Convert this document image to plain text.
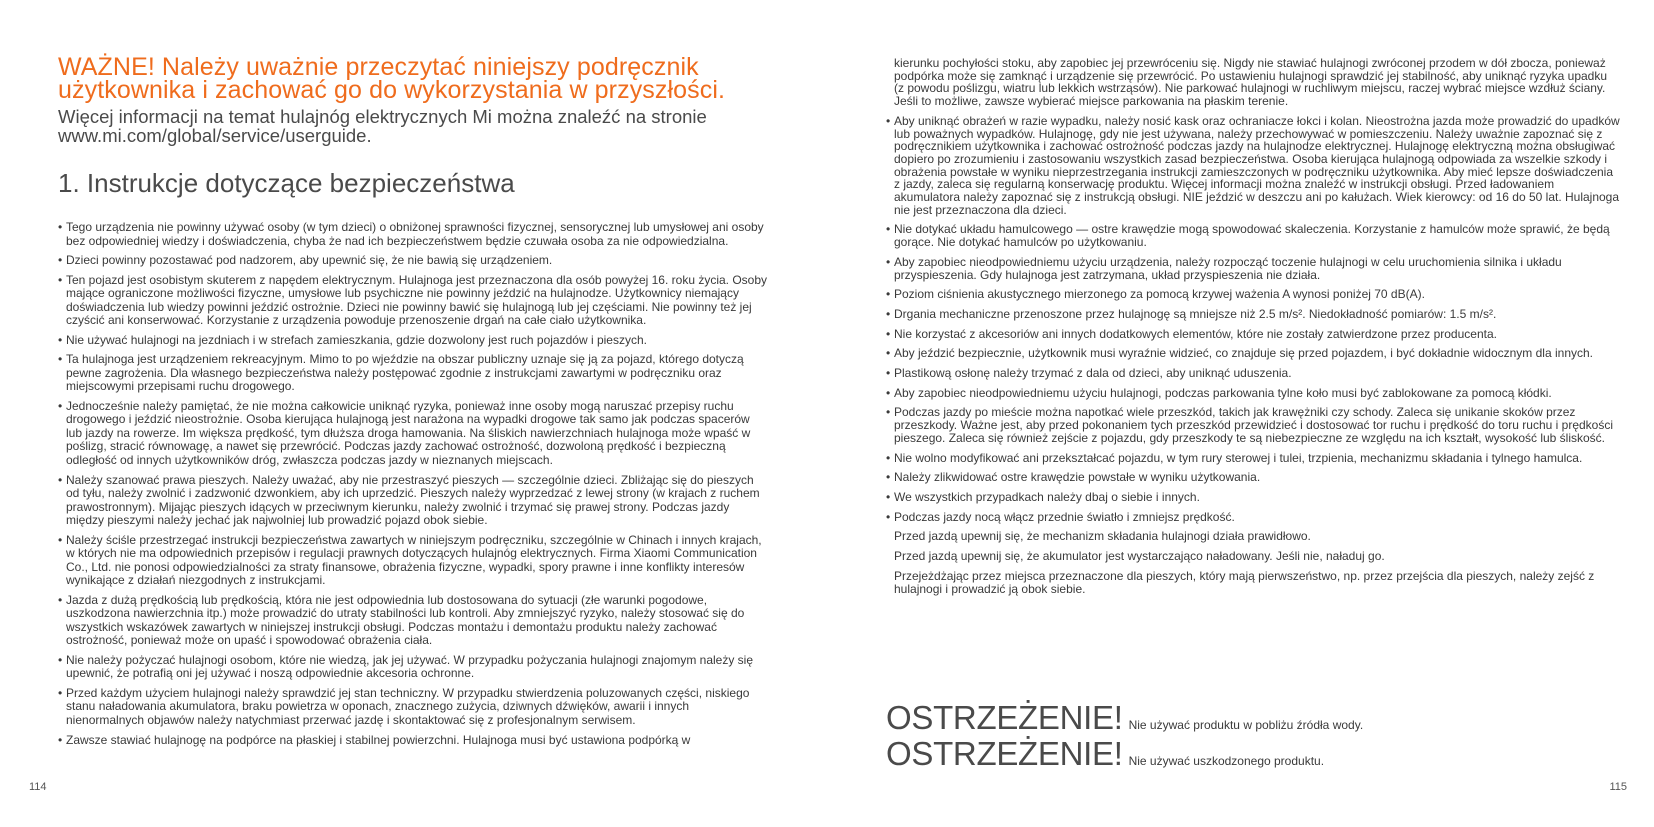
WAŻNE! Należy uważnie przeczytać niniejszy podręcznik użytkownika i zachować go do wykorzystania w przyszłości.

Więcej informacji na temat hulajnóg elektrycznych Mi można znaleźć na stronie www.mi.com/global/service/userguide.

1. Instrukcje dotyczące bezpieczeństwa
• Tego urządzenia nie powinny używać osoby (w tym dzieci) o obniżonej sprawności fizycznej, sensorycznej lub umysłowej ani osoby bez odpowiedniej wiedzy i doświadczenia, chyba że nad ich bezpieczeństwem będzie czuwała osoba za nie odpowiedzialna.
• Dzieci powinny pozostawać pod nadzorem, aby upewnić się, że nie bawią się urządzeniem.
• Ten pojazd jest osobistym skuterem z napędem elektrycznym. Hulajnoga jest przeznaczona dla osób powyżej 16. roku życia. Osoby mające ograniczone możliwości fizyczne, umysłowe lub psychiczne nie powinny jeździć na hulajnodze. Użytkownicy niemający doświadczenia lub wiedzy powinni jeździć ostrożnie. Dzieci nie powinny bawić się hulajnogą lub jej częściami. Nie powinny też jej czyścić ani konserwować. Korzystanie z urządzenia powoduje przenoszenie drgań na całe ciało użytkownika.
• Nie używać hulajnogi na jezdniach i w strefach zamieszkania, gdzie dozwolony jest ruch pojazdów i pieszych.
• Ta hulajnoga jest urządzeniem rekreacyjnym. Mimo to po wjeździe na obszar publiczny uznaje się ją za pojazd, którego dotyczą pewne zagrożenia. Dla własnego bezpieczeństwa należy postępować zgodnie z instrukcjami zawartymi w podręczniku oraz miejscowymi przepisami ruchu drogowego.
• Jednocześnie należy pamiętać, że nie można całkowicie uniknąć ryzyka, ponieważ inne osoby mogą naruszać przepisy ruchu drogowego i jeździć nieostrożnie. Osoba kierująca hulajnogą jest narażona na wypadki drogowe tak samo jak podczas spacerów lub jazdy na rowerze. Im większa prędkość, tym dłuższa droga hamowania. Na śliskich nawierzchniach hulajnoga może wpaść w poślizg, stracić równowagę, a nawet się przewrócić. Podczas jazdy zachować ostrożność, dozwoloną prędkość i bezpieczną odległość od innych użytkowników dróg, zwłaszcza podczas jazdy w nieznanych miejscach.
• Należy szanować prawa pieszych. Należy uważać, aby nie przestraszyć pieszych — szczególnie dzieci. Zbliżając się do pieszych od tyłu, należy zwolnić i zadzwonić dzwonkiem, aby ich uprzedzić. Pieszych należy wyprzedzać z lewej strony (w krajach z ruchem prawostronnym). Mijając pieszych idących w przeciwnym kierunku, należy zwolnić i trzymać się prawej strony. Podczas jazdy między pieszymi należy jechać jak najwolniej lub prowadzić pojazd obok siebie.
• Należy ściśle przestrzegać instrukcji bezpieczeństwa zawartych w niniejszym podręczniku, szczególnie w Chinach i innych krajach, w których nie ma odpowiednich przepisów i regulacji prawnych dotyczących hulajnóg elektrycznych. Firma Xiaomi Communication Co., Ltd. nie ponosi odpowiedzialności za straty finansowe, obrażenia fizyczne, wypadki, spory prawne i inne konflikty interesów wynikające z działań niezgodnych z instrukcjami.
• Jazda z dużą prędkością lub prędkością, która nie jest odpowiednia lub dostosowana do sytuacji (złe warunki pogodowe, uszkodzona nawierzchnia itp.) może prowadzić do utraty stabilności lub kontroli. Aby zmniejszyć ryzyko, należy stosować się do wszystkich wskazówek zawartych w niniejszej instrukcji obsługi. Podczas montażu i demontażu produktu należy zachować ostrożność, ponieważ może on upaść i spowodować obrażenia ciała.
• Nie należy pożyczać hulajnogi osobom, które nie wiedzą, jak jej używać. W przypadku pożyczania hulajnogi znajomym należy się upewnić, że potrafią oni jej używać i noszą odpowiednie akcesoria ochronne.
• Przed każdym użyciem hulajnogi należy sprawdzić jej stan techniczny. W przypadku stwierdzenia poluzowanych części, niskiego stanu naładowania akumulatora, braku powietrza w oponach, znacznego zużycia, dziwnych dźwięków, awarii i innych nienormalnych objawów należy natychmiast przerwać jazdę i skontaktować się z profesjonalnym serwisem.
• Zawsze stawiać hulajnogę na podpórce na płaskiej i stabilnej powierzchni. Hulajnoga musi być ustawiona podpórką w
114
kierunku pochyłości stoku, aby zapobiec jej przewróceniu się. Nigdy nie stawiać hulajnogi zwróconej przodem w dół zbocza, ponieważ podpórka może się zamknąć i urządzenie się przewrócić. Po ustawieniu hulajnogi sprawdzić jej stabilność, aby uniknąć ryzyka upadku (z powodu poślizgu, wiatru lub lekkich wstrząsów). Nie parkować hulajnogi w ruchliwym miejscu, raczej wybrać miejsce wzdłuż ściany. Jeśli to możliwe, zawsze wybierać miejsce parkowania na płaskim terenie.
• Aby uniknąć obrażeń w razie wypadku, należy nosić kask oraz ochraniacze łokci i kolan. Nieostrożna jazda może prowadzić do upadków lub poważnych wypadków. Hulajnogę, gdy nie jest używana, należy przechowywać w pomieszczeniu. Należy uważnie zapoznać się z podręcznikiem użytkownika i zachować ostrożność podczas jazdy na hulajnodze elektrycznej. Hulajnogę elektryczną można obsługiwać dopiero po zrozumieniu i zastosowaniu wszystkich zasad bezpieczeństwa. Osoba kierująca hulajnogą odpowiada za wszelkie szkody i obrażenia powstałe w wyniku nieprzestrzegania instrukcji zamieszczonych w podręczniku użytkownika. Aby mieć lepsze doświadczenia z jazdy, zaleca się regularną konserwację produktu. Więcej informacji można znaleźć w instrukcji obsługi. Przed ładowaniem akumulatora należy zapoznać się z instrukcją obsługi. NIE jeździć w deszczu ani po kałużach. Wiek kierowcy: od 16 do 50 lat. Hulajnoga nie jest przeznaczona dla dzieci.
• Nie dotykać układu hamulcowego — ostre krawędzie mogą spowodować skaleczenia. Korzystanie z hamulców może sprawić, że będą gorące. Nie dotykać hamulców po użytkowaniu.
• Aby zapobiec nieodpowiedniemu użyciu urządzenia, należy rozpocząć toczenie hulajnogi w celu uruchomienia silnika i układu przyspieszenia. Gdy hulajnoga jest zatrzymana, układ przyspieszenia nie działa.
• Poziom ciśnienia akustycznego mierzonego za pomocą krzywej ważenia A wynosi poniżej 70 dB(A).
• Drgania mechaniczne przenoszone przez hulajnogę są mniejsze niż 2.5 m/s². Niedokładność pomiarów: 1.5 m/s².
• Nie korzystać z akcesoriów ani innych dodatkowych elementów, które nie zostały zatwierdzone przez producenta.
• Aby jeździć bezpiecznie, użytkownik musi wyraźnie widzieć, co znajduje się przed pojazdem, i być dokładnie widocznym dla innych.
• Plastikową osłonę należy trzymać z dala od dzieci, aby uniknąć uduszenia.
• Aby zapobiec nieodpowiedniemu użyciu hulajnogi, podczas parkowania tylne koło musi być zablokowane za pomocą kłódki.
• Podczas jazdy po mieście można napotkać wiele przeszkód, takich jak krawężniki czy schody. Zaleca się unikanie skoków przez przeszkody. Ważne jest, aby przed pokonaniem tych przeszkód przewidzieć i dostosować tor ruchu i prędkość do toru ruchu i prędkości pieszego. Zaleca się również zejście z pojazdu, gdy przeszkody te są niebezpieczne ze względu na ich kształt, wysokość lub śliskość.
• Nie wolno modyfikować ani przekształcać pojazdu, w tym rury sterowej i tulei, trzpienia, mechanizmu składania i tylnego hamulca.
• Należy zlikwidować ostre krawędzie powstałe w wyniku użytkowania.
• We wszystkich przypadkach należy dbaj o siebie i innych.
• Podczas jazdy nocą włącz przednie światło i zmniejsz prędkość.
Przed jazdą upewnij się, że mechanizm składania hulajnogi działa prawidłowo.
Przed jazdą upewnij się, że akumulator jest wystarczająco naładowany. Jeśli nie, naładuj go.
Przejeżdżając przez miejsca przeznaczone dla pieszych, który mają pierwszeństwo, np. przez przejścia dla pieszych, należy zejść z hulajnogi i prowadzić ją obok siebie.
OSTRZEŻENIE! Nie używać produktu w pobliżu źródła wody.
OSTRZEŻENIE! Nie używać uszkodzonego produktu.
115
